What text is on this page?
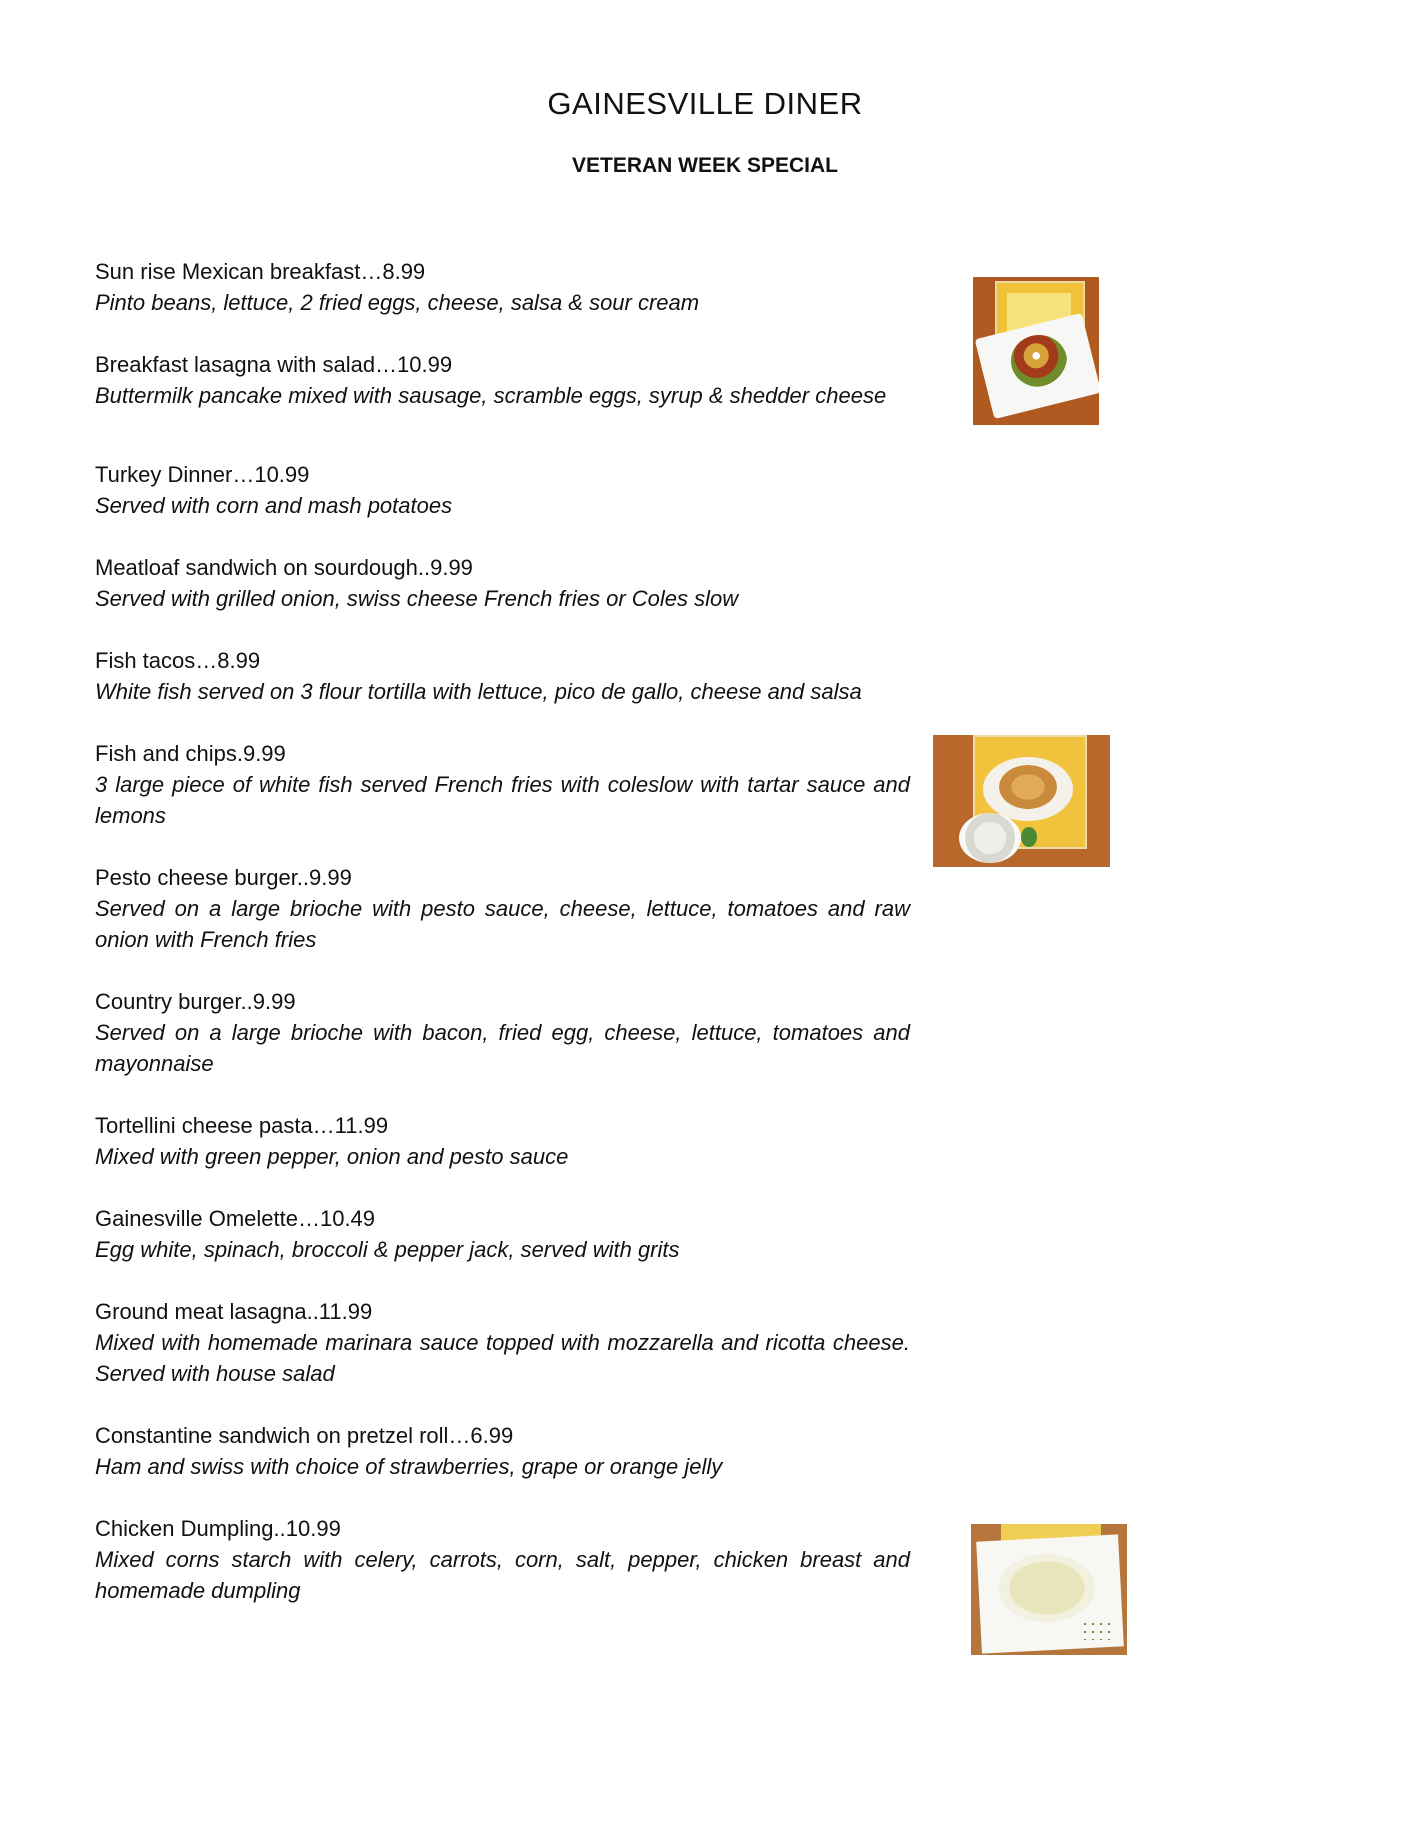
GAINESVILLE DINER
VETERAN WEEK SPECIAL
Sun rise Mexican breakfast…8.99
Pinto beans, lettuce, 2 fried eggs, cheese, salsa & sour cream
Breakfast lasagna with salad…10.99
Buttermilk pancake mixed with sausage, scramble eggs, syrup & shedder cheese
Turkey Dinner…10.99
Served with corn and mash potatoes
Meatloaf sandwich on sourdough..9.99
Served with grilled onion, swiss cheese French fries or Coles slow
Fish tacos…8.99
White fish served on 3 flour tortilla with lettuce, pico de gallo, cheese and salsa
Fish and chips.9.99
3 large piece of white fish served French fries with coleslow with tartar sauce and lemons
Pesto cheese burger..9.99
Served on a large brioche with pesto sauce, cheese, lettuce, tomatoes and raw onion with French fries
Country burger..9.99
Served on a large brioche with bacon, fried egg, cheese, lettuce, tomatoes and mayonnaise
Tortellini cheese pasta…11.99
Mixed with green pepper, onion and pesto sauce
Gainesville Omelette…10.49
Egg white, spinach, broccoli & pepper jack, served with grits
Ground meat lasagna..11.99
Mixed with homemade marinara sauce topped with mozzarella and ricotta cheese. Served with house salad
Constantine sandwich on pretzel roll…6.99
Ham and swiss with choice of strawberries, grape or orange jelly
Chicken Dumpling..10.99
Mixed corns starch with celery, carrots, corn, salt, pepper, chicken breast and homemade dumpling
